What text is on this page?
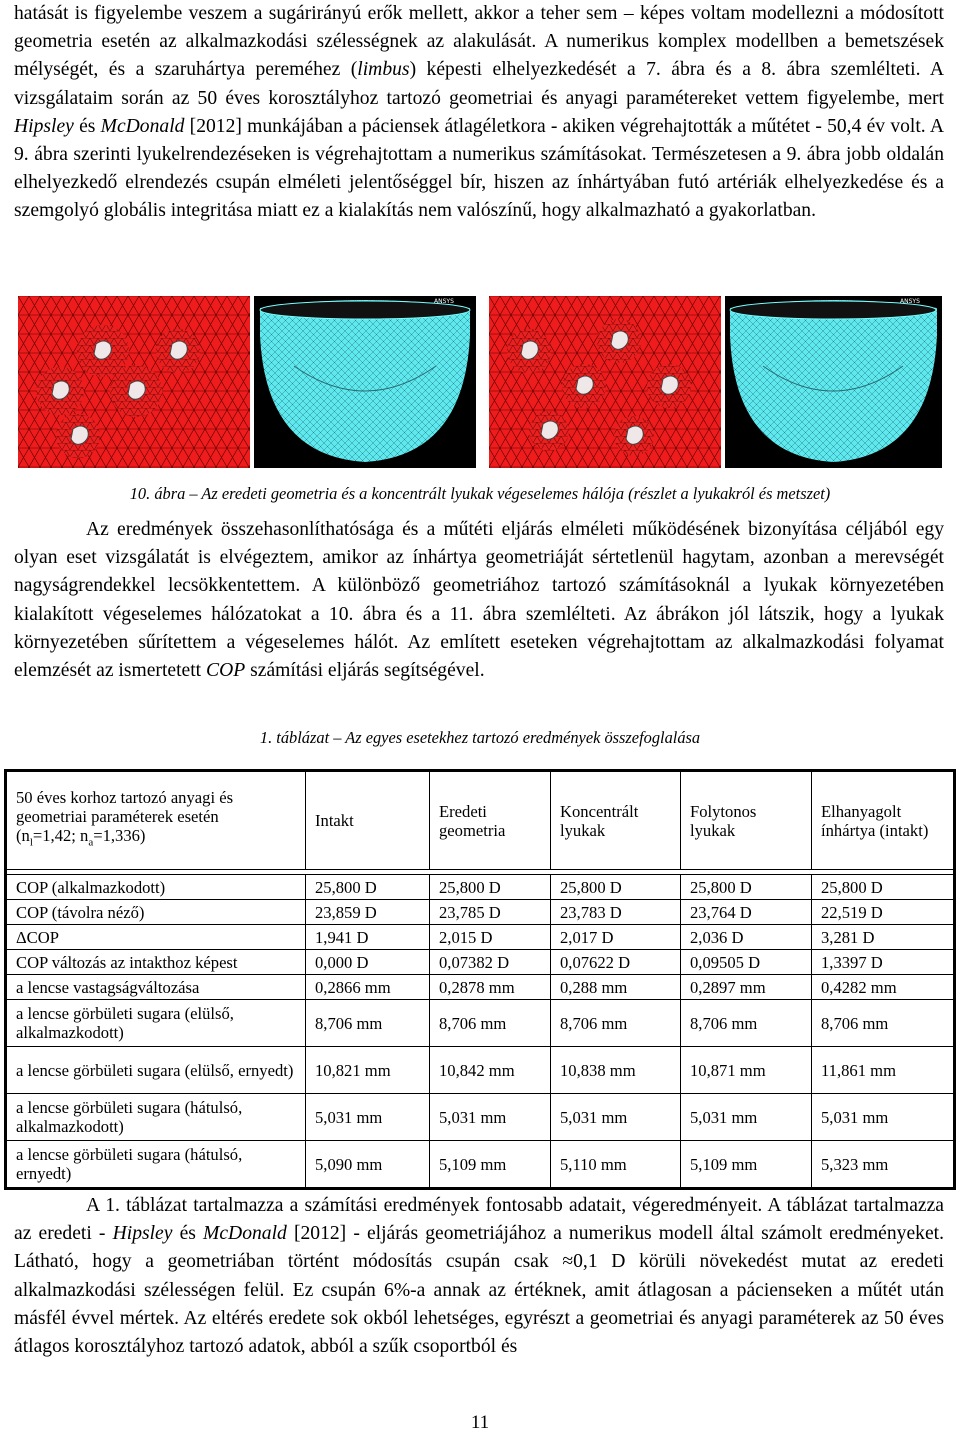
hatását is figyelembe veszem a sugárirányú erők mellett, akkor a teher sem – képes voltam modellezni a módosított geometria esetén az alkalmazkodási szélességnek az alakulását. A numerikus komplex modellben a bemetszések mélységét, és a szaruhártya pereméhez (limbus) képesti elhelyezkedését a 7. ábra és a 8. ábra szemlélteti. A vizsgálataim során az 50 éves korosztályhoz tartozó geometriai és anyagi paramétereket vettem figyelembe, mert Hipsley és McDonald [2012] munkájában a páciensek átlagéletkora - akiken végrehajtották a műtétet - 50,4 év volt. A 9. ábra szerinti lyukelrendezéseken is végrehajtottam a numerikus számításokat. Természetesen a 9. ábra jobb oldalán elhelyezkedő elrendezés csupán elméleti jelentőséggel bír, hiszen az ínhártyában futó artériák elhelyezkedése és a szemgolyó globális integritása miatt ez a kialakítás nem valószínű, hogy alkalmazható a gyakorlatban.

ANSYS	ANSYS
10. ábra – Az eredeti geometria és a koncentrált lyukak végeselemes hálója (részlet a lyukakról és metszet)

Az eredmények összehasonlíthatósága és a műtéti eljárás elméleti működésének bizonyítása céljából egy olyan eset vizsgálatát is elvégeztem, amikor az ínhártya geometriáját sértetlenül hagytam, azonban a merevségét nagyságrendekkel lecsökkentettem. A különböző geometriához tartozó számításoknál a lyukak környezetében kialakított végeselemes hálózatokat a 10. ábra és a 11. ábra szemlélteti. Az ábrákon jól látszik, hogy a lyukak környezetében sűrítettem a végeselemes hálót. Az említett eseteken végrehajtottam az alkalmazkodási folyamat elemzését az ismertetett COP számítási eljárás segítségével.

1. táblázat – Az egyes esetekhez tartozó eredmények összefoglalása
50 éves korhoz tartozó anyagi és geometriai paraméterek esetén
($n_l=1,42$; $n_a=1,336$)	Intakt	Eredeti geometria	Koncentrált lyukak	Folytonos lyukak	Elhanyagolt ínhártya (intakt)

COP (alkalmazkodott)	25,800 D	25,800 D	25,800 D	25,800 D	25,800 D
COP (távolra néző)	23,859 D	23,785 D	23,783 D	23,764 D	22,519 D
ΔCOP	1,941 D	2,015 D	2,017 D	2,036 D	3,281 D
COP változás az intakthoz képest	0,000 D	0,07382 D	0,07622 D	0,09505 D	1,3397 D
a lencse vastagságváltozása	0,2866 mm	0,2878 mm	0,288 mm	0,2897 mm	0,4282 mm
a lencse görbületi sugara (elülső, alkalmazkodott)	8,706 mm	8,706 mm	8,706 mm	8,706 mm	8,706 mm
a lencse görbületi sugara (elülső, ernyedt)	10,821 mm	10,842 mm	10,838 mm	10,871 mm	11,861 mm
a lencse görbületi sugara (hátulsó, alkalmazkodott)	5,031 mm	5,031 mm	5,031 mm	5,031 mm	5,031 mm
a lencse görbületi sugara (hátulsó, ernyedt)	5,090 mm	5,109 mm	5,110 mm	5,109 mm	5,323 mm

A 1. táblázat tartalmazza a számítási eredmények fontosabb adatait, végeredményeit. A táblázat tartalmazza az eredeti - Hipsley és McDonald [2012] - eljárás geometriájához a numerikus modell által számolt eredményeket. Látható, hogy a geometriában történt módosítás csupán csak ≈0,1 D körüli növekedést mutat az eredeti alkalmazkodási szélességen felül. Ez csupán 6%-a annak az értéknek, amit átlagosan a pácienseken a műtét után másfél évvel mértek. Az eltérés eredete sok okból lehetséges, egyrészt a geometriai és anyagi paraméterek az 50 éves átlagos korosztályhoz tartozó adatok, abból a szűk csoportból és

11
